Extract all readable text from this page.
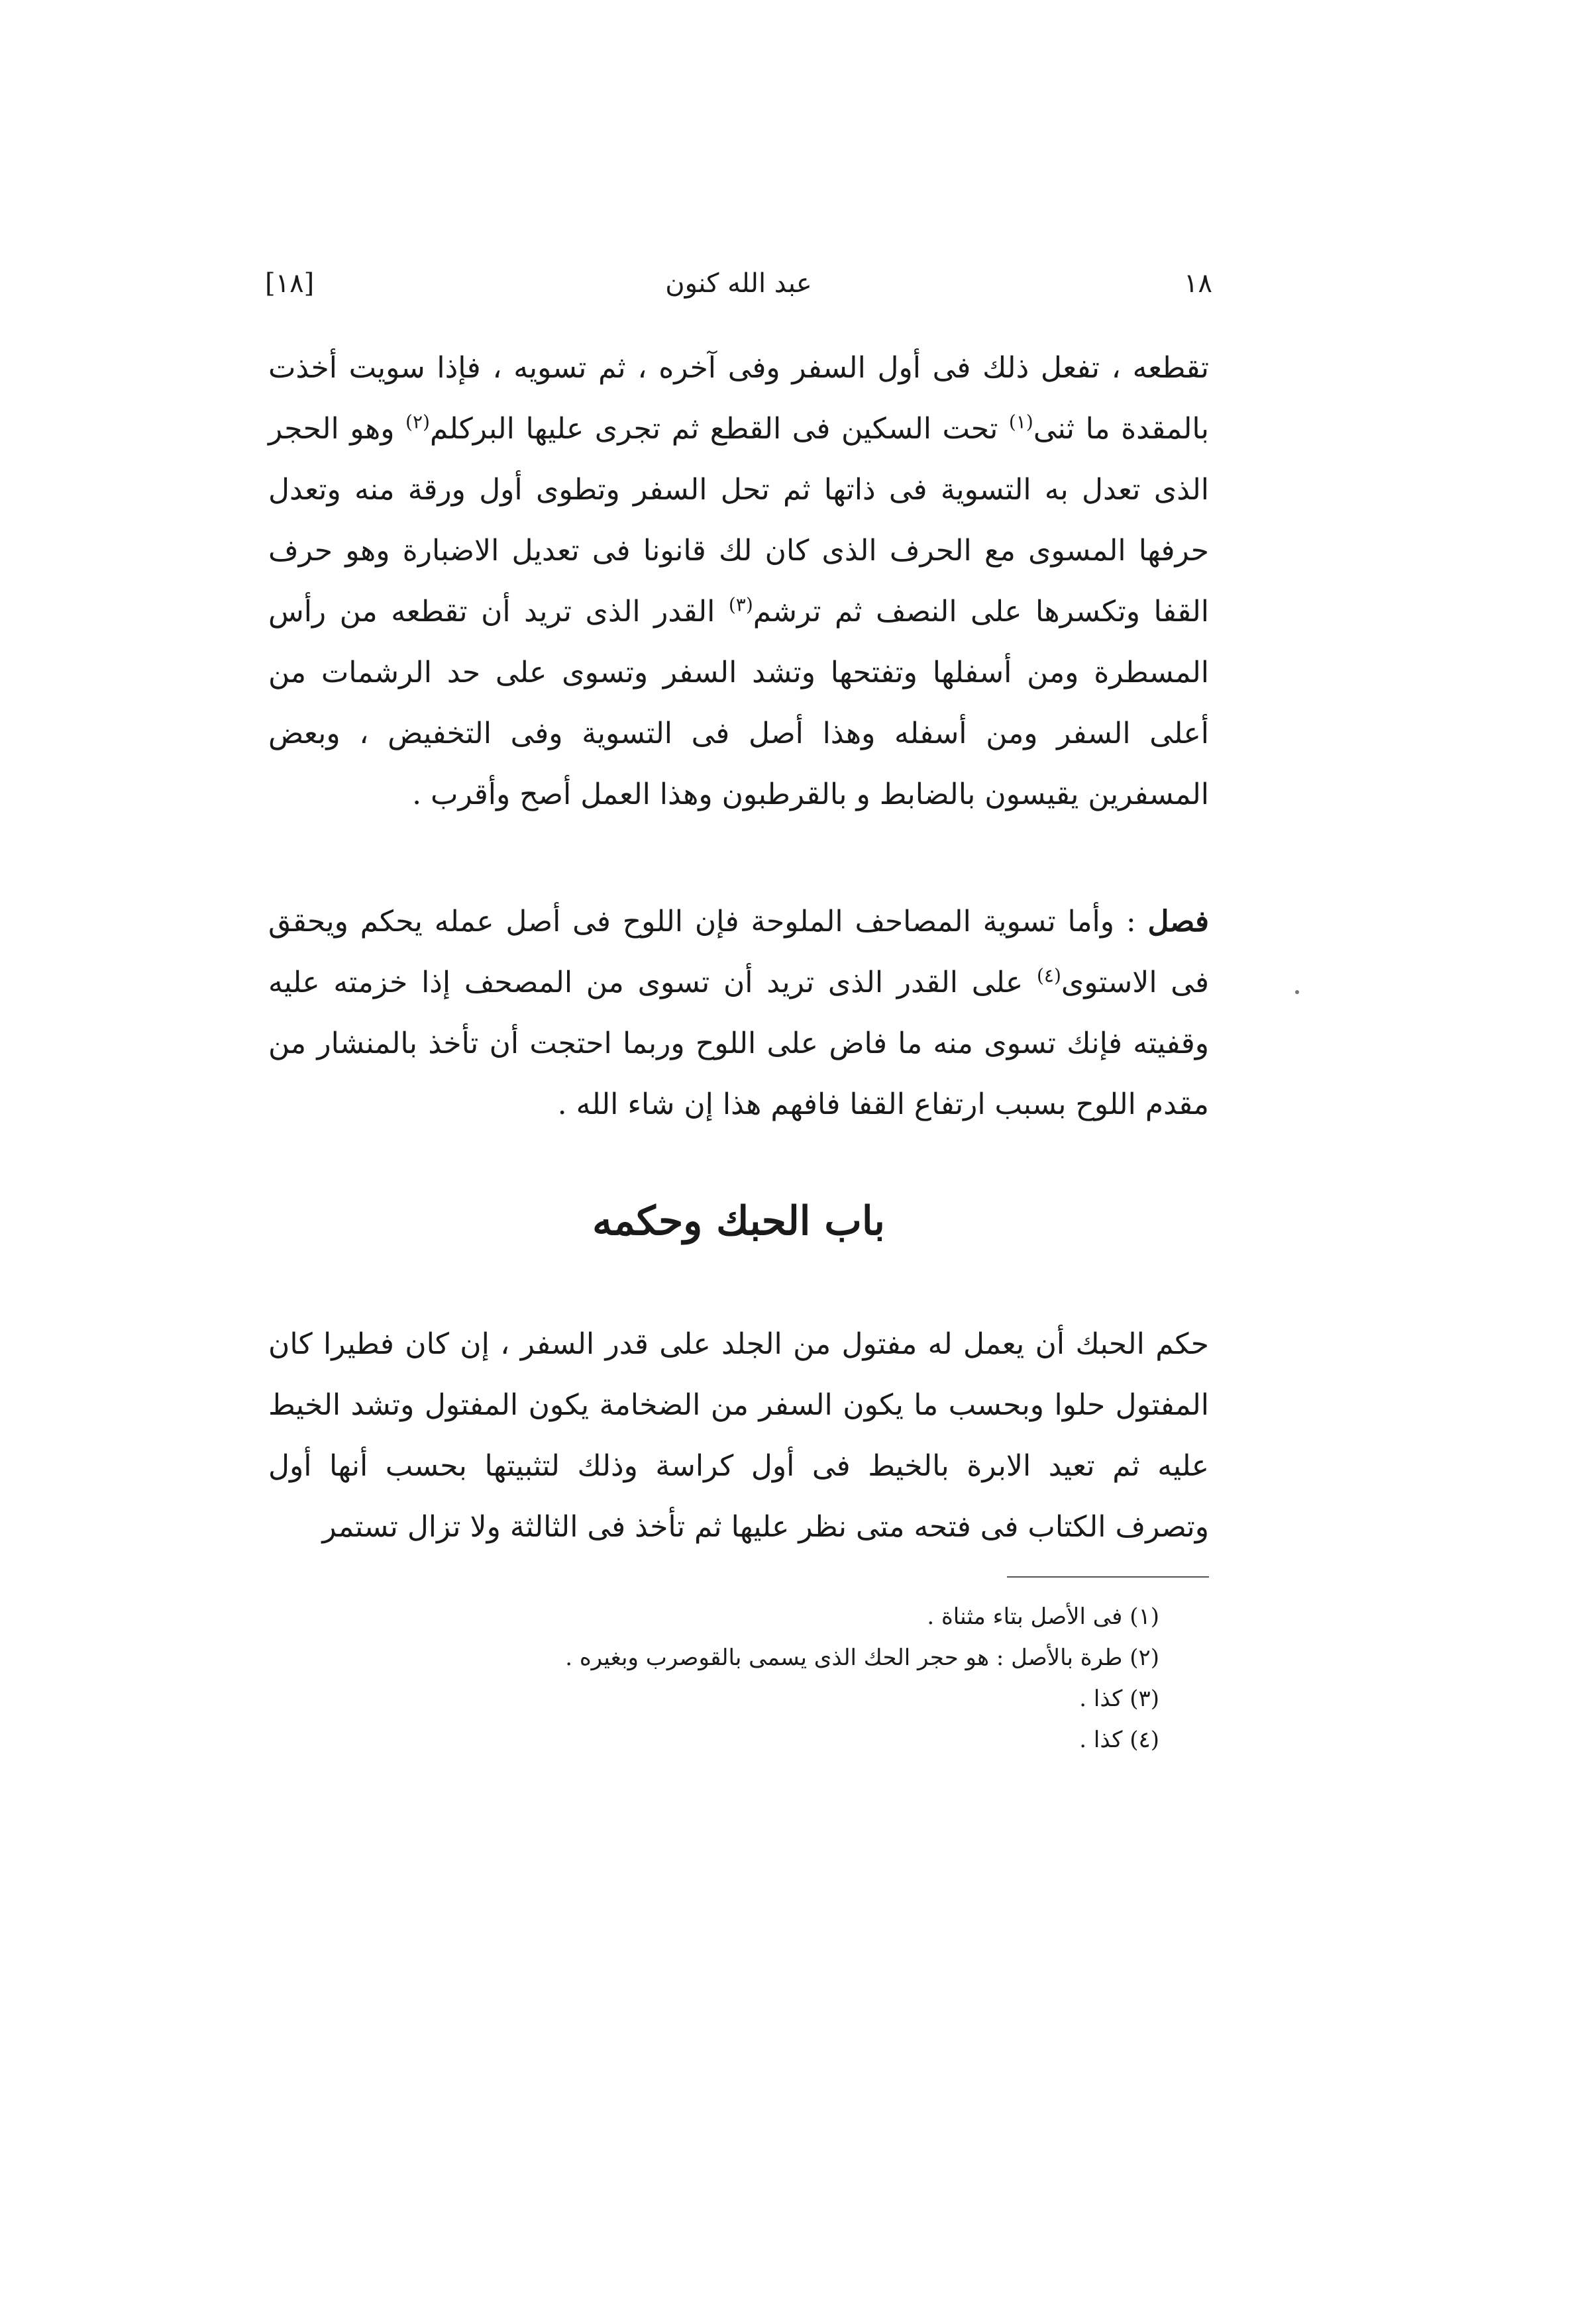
١٨
عبد الله كنون
[١٨]

تقطعه ، تفعل ذلك فى أول السفر وفى آخره ، ثم تسويه ، فإذا سويت أخذت بالمقدة ما ثنى$^{(١)}$ تحت السكين فى القطع ثم تجرى عليها البركلم$^{(٢)}$ وهو الحجر الذى تعدل به التسوية فى ذاتها ثم تحل السفر وتطوى أول ورقة منه وتعدل حرفها المسوى مع الحرف الذى كان لك قانونا فى تعديل الاضبارة وهو حرف القفا وتكسرها على النصف ثم ترشم$^{(٣)}$ القدر الذى تريد أن تقطعه من رأس المسطرة ومن أسفلها وتفتحها وتشد السفر وتسوى على حد الرشمات من أعلى السفر ومن أسفله وهذا أصل فى التسوية وفى التخفيض ، وبعض المسفرين يقيسون بالضابط و بالقرطبون وهذا العمل أصح وأقرب .

فصل : وأما تسوية المصاحف الملوحة فإن اللوح فى أصل عمله يحكم ويحقق فى الاستوى$^{(٤)}$ على القدر الذى تريد أن تسوى من المصحف إذا خزمته عليه وقفيته فإنك تسوى منه ما فاض على اللوح وربما احتجت أن تأخذ بالمنشار من مقدم اللوح بسبب ارتفاع القفا فافهم هذا إن شاء الله .

باب الحبك وحكمه

حكم الحبك أن يعمل له مفتول من الجلد على قدر السفر ، إن كان فطيرا كان المفتول حلوا وبحسب ما يكون السفر من الضخامة يكون المفتول وتشد الخيط عليه ثم تعيد الابرة بالخيط فى أول كراسة وذلك لتثبيتها بحسب أنها أول وتصرف الكتاب فى فتحه متى نظر عليها ثم تأخذ فى الثالثة ولا تزال تستمر

(١) فى الأصل بتاء مثناة .
(٢) طرة بالأصل : هو حجر الحك الذى يسمى بالقوصرب وبغيره .
(٣) كذا .
(٤) كذا .
